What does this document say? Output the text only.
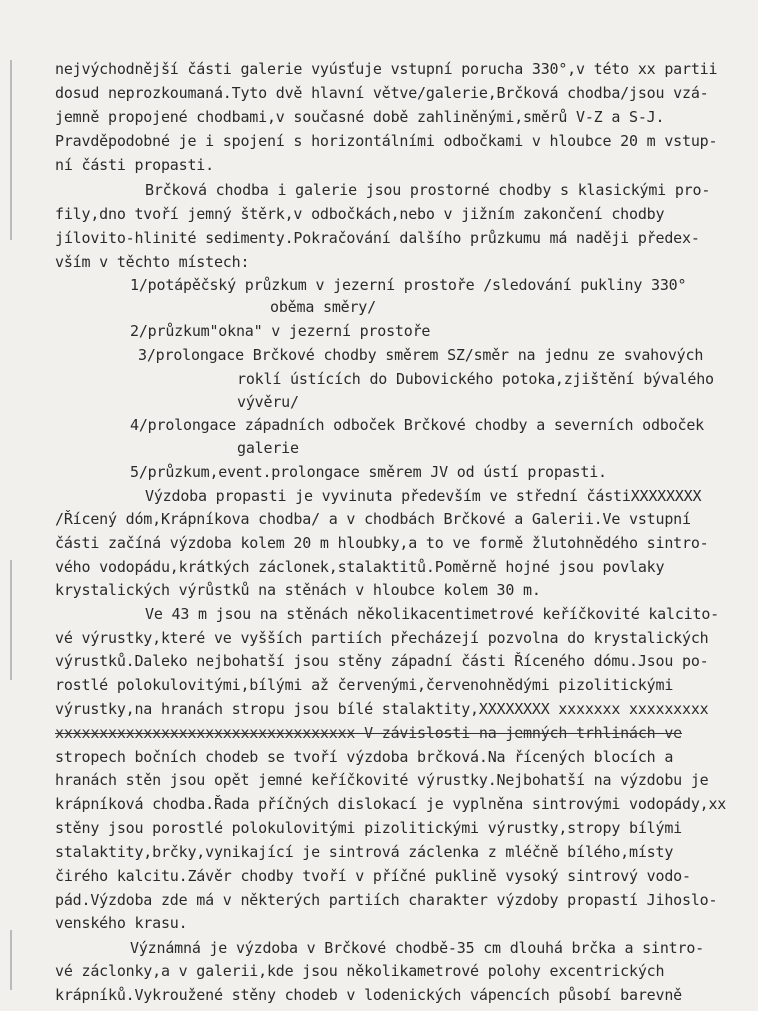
nejvýchodnější části galerie vyúsťuje vstupní porucha 330°,v této xx partii
dosud neprozkoumaná.Tyto dvě hlavní větve/galerie,Brčková chodba/jsou vzá-
jemně propojené chodbami,v současné době zahliněnými,směrů V-Z a S-J.
Pravděpodobné je i spojení s horizontálními odbočkami v hloubce 20 m vstup-
ní části propasti.
Brčková chodba i galerie jsou prostorné chodby s klasickými pro-
fily,dno tvoří jemný štěrk,v odbočkách,nebo v jižním zakončení chodby
jílovito-hlinité sedimenty.Pokračování dalšího průzkumu má naději předex-
vším v těchto místech:
1/potápěčský průzkum v jezerní prostoře /sledování pukliny 330°
oběma směry/
2/průzkum"okna" v jezerní prostoře
3/prolongace Brčkové chodby směrem SZ/směr na jednu ze svahových
roklí ústících do Dubovického potoka,zjištění bývalého
vývěru/
4/prolongace západních odboček Brčkové chodby a severních odboček
galerie
5/průzkum,event.prolongace směrem JV od ústí propasti.
Výzdoba propasti je vyvinuta především ve střední částiXXXXXXXX
/Řícený dóm,Krápníkova chodba/ a v chodbách Brčkové a Galerii.Ve vstupní
části začíná výzdoba kolem 20 m hloubky,a to ve formě žlutohnědého sintro-
vého vodopádu,krátkých záclonek,stalaktitů.Poměrně hojné jsou povlaky
krystalických výrůstků na stěnách v hloubce kolem 30 m.
Ve 43 m jsou na stěnách několikacentimetrové keříčkovité kalcito-
vé výrustky,které ve vyšších partiích přecházejí pozvolna do krystalických
výrustků.Daleko nejbohatší jsou stěny západní části Říceného dómu.Jsou po-
rostlé polokulovitými,bílými až červenými,červenohnědými pizolitickými
výrustky,na hranách stropu jsou bílé stalaktity,XXXXXXXX xxxxxxx xxxxxxxxx
xxxxxxxxxxxxxxxxxxxxxxxxxxxxxxxxxx V závislosti na jemných trhlinách ve
stropech bočních chodeb se tvoří výzdoba brčková.Na řícených blocích a
hranách stěn jsou opět jemné keříčkovité výrustky.Nejbohatší na výzdobu je
krápníková chodba.Řada příčných dislokací je vyplněna sintrovými vodopády,xx
stěny jsou porostlé polokulovitými pizolitickými výrustky,stropy bílými
stalaktity,brčky,vynikající je sintrová záclenka z mléčně bílého,místy
čirého kalcitu.Závěr chodby tvoří v příčné puklině vysoký sintrový vodo-
pád.Výzdoba zde má v některých partiích charakter výzdoby propastí Jihoslo-
venského krasu.
Význámná je výzdoba v Brčkové chodbě-35 cm dlouhá brčka a sintro-
vé záclonky,a v galerii,kde jsou několikametrové polohy excentrických
krápníků.Vykroužené stěny chodeb v lodenických vápencích působí barevně
